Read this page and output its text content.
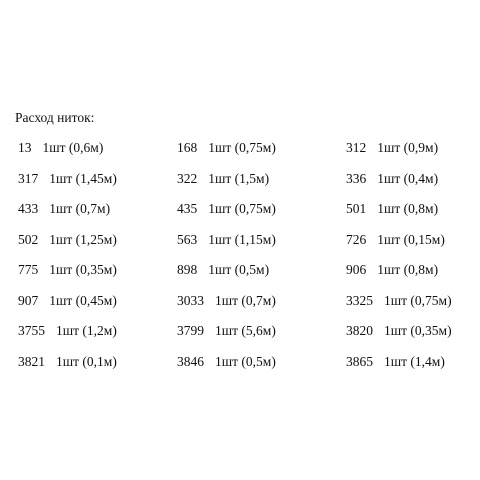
Расход ниток:
13 1шт (0,6м)	168 1шт (0,75м)	312 1шт (0,9м)
317 1шт (1,45м)	322 1шт (1,5м)	336 1шт (0,4м)
433 1шт (0,7м)	435 1шт (0,75м)	501 1шт (0,8м)
502 1шт (1,25м)	563 1шт (1,15м)	726 1шт (0,15м)
775 1шт (0,35м)	898 1шт (0,5м)	906 1шт (0,8м)
907 1шт (0,45м)	3033 1шт (0,7м)	3325 1шт (0,75м)
3755 1шт (1,2м)	3799 1шт (5,6м)	3820 1шт (0,35м)
3821 1шт (0,1м)	3846 1шт (0,5м)	3865 1шт (1,4м)
